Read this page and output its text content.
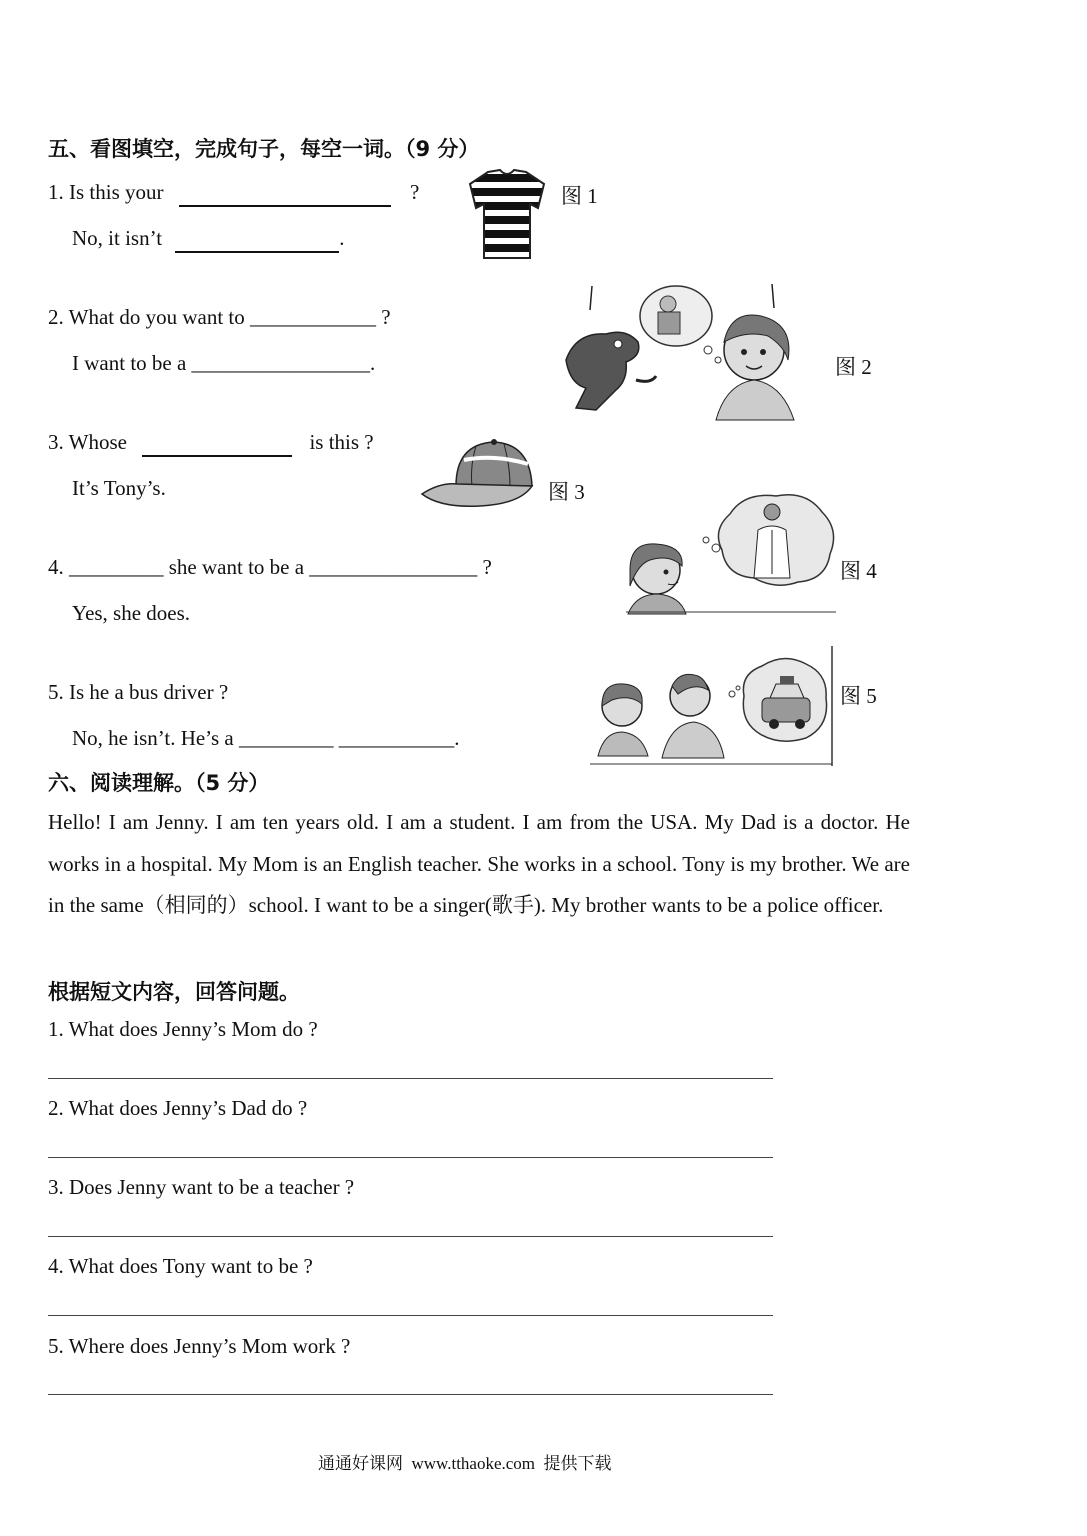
五、看图填空，完成句子，每空一词。（9 分）
1. Is this your	?
No, it isn’t	.
图 1
2. What do you want to ____________ ?
I want to be a _________________.	图 2
3. Whose	is this ?
It’s Tony’s.	图 3
4. _________ she want to be a ________________ ?
Yes, she does.
图 4
5. Is he a bus driver ?
No, he isn’t. He’s a _________ ___________.
图 5
六、阅读理解。（5 分）
Hello! I am Jenny. I am ten years old. I am a student. I am from the USA. My Dad is a doctor. He works in a hospital. My Mom is an English teacher. She works in a school. Tony is my brother. We are in the same（相同的）school. I want to be a singer(歌手). My brother wants to be a police officer.
根据短文内容，回答问题。
1. What does Jenny’s Mom do ?
2. What does Jenny’s Dad do ?
3. Does Jenny want to be a teacher ?
4. What does Tony want to be ?
5. Where does Jenny’s Mom work ?
通通好课网  www.tthaoke.com  提供下载
